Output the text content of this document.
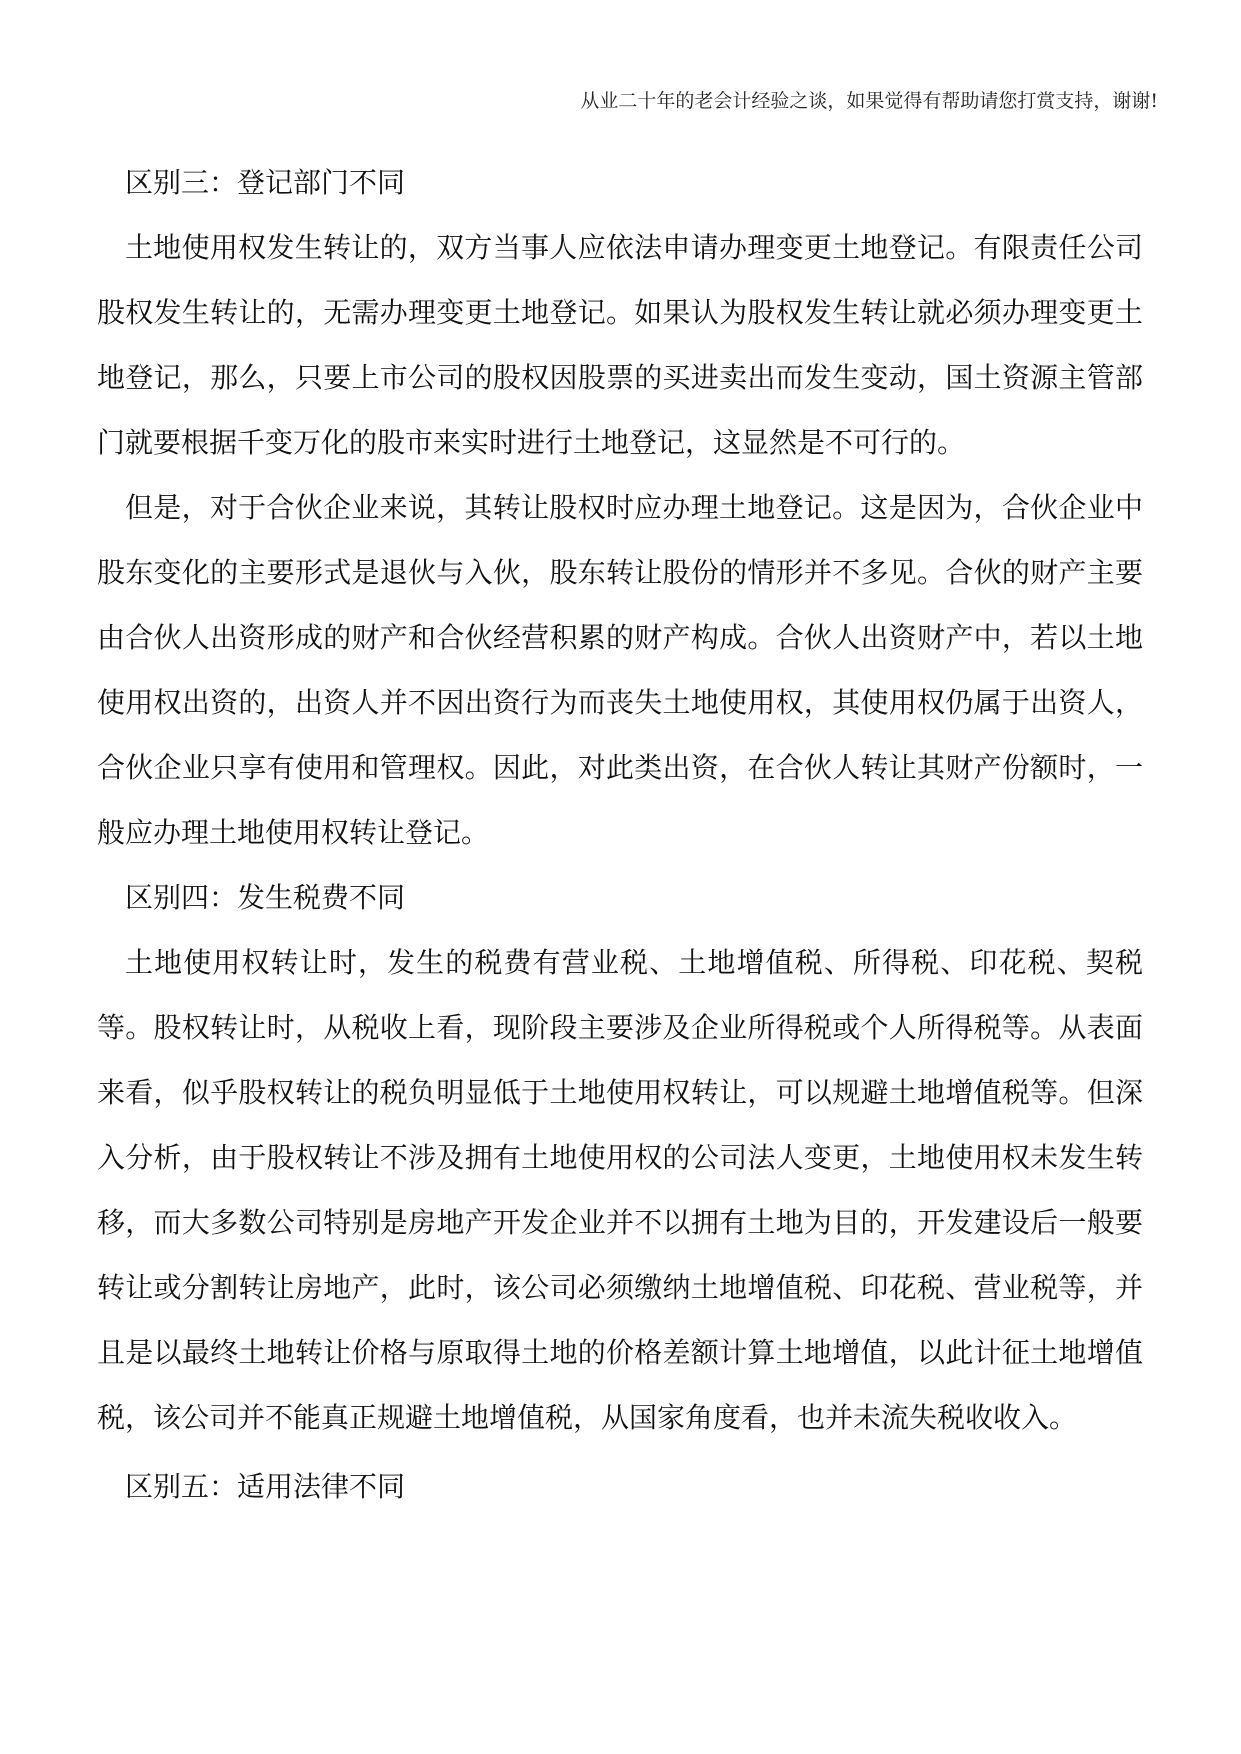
从业二十年的老会计经验之谈，如果觉得有帮助请您打赏支持，谢谢!
区别三：登记部门不同

土地使用权发生转让的，双方当事人应依法申请办理变更土地登记。有限责任公司股权发生转让的，无需办理变更土地登记。如果认为股权发生转让就必须办理变更土地登记，那么，只要上市公司的股权因股票的买进卖出而发生变动，国土资源主管部门就要根据千变万化的股市来实时进行土地登记，这显然是不可行的。

但是，对于合伙企业来说，其转让股权时应办理土地登记。这是因为，合伙企业中股东变化的主要形式是退伙与入伙，股东转让股份的情形并不多见。合伙的财产主要由合伙人出资形成的财产和合伙经营积累的财产构成。合伙人出资财产中，若以土地使用权出资的，出资人并不因出资行为而丧失土地使用权，其使用权仍属于出资人，合伙企业只享有使用和管理权。因此，对此类出资，在合伙人转让其财产份额时，一般应办理土地使用权转让登记。

区别四：发生税费不同

土地使用权转让时，发生的税费有营业税、土地增值税、所得税、印花税、契税等。股权转让时，从税收上看，现阶段主要涉及企业所得税或个人所得税等。从表面来看，似乎股权转让的税负明显低于土地使用权转让，可以规避土地增值税等。但深入分析，由于股权转让不涉及拥有土地使用权的公司法人变更，土地使用权未发生转移，而大多数公司特别是房地产开发企业并不以拥有土地为目的，开发建设后一般要转让或分割转让房地产，此时，该公司必须缴纳土地增值税、印花税、营业税等，并且是以最终土地转让价格与原取得土地的价格差额计算土地增值，以此计征土地增值税，该公司并不能真正规避土地增值税，从国家角度看，也并未流失税收收入。

区别五：适用法律不同
